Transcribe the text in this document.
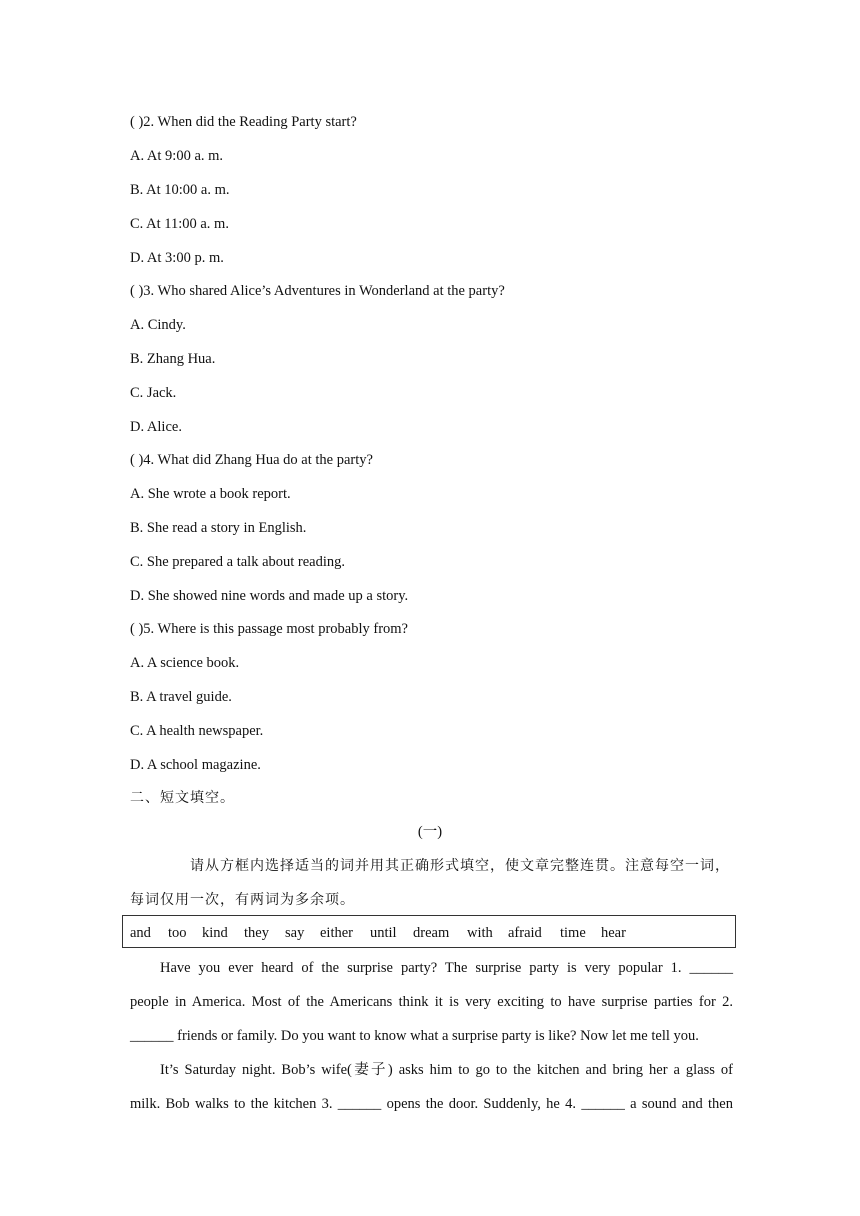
( )2. When did the Reading Party start?
A. At 9:00 a. m.
B. At 10:00 a. m.
C. At 11:00 a. m.
D. At 3:00 p. m.
( )3. Who shared Alice’s Adventures in Wonderland at the party?
A. Cindy.
B. Zhang Hua.
C. Jack.
D. Alice.
( )4. What did Zhang Hua do at the party?
A. She wrote a book report.
B. She read a story in English.
C. She prepared a talk about reading.
D. She showed nine words and made up a story.
( )5. Where is this passage most probably from?
A. A science book.
B. A travel guide.
C. A health newspaper.
D. A school magazine.
二、短文填空。
(一)
请从方框内选择适当的词并用其正确形式填空，使文章完整连贯。注意每空一词，
每词仅用一次，有两词为多余项。
and too kind they say either until dream with afraid time hear
Have you ever heard of the surprise party? The surprise party is very popular 1. ______
people in America. Most of the Americans think it is very exciting to have surprise parties for 2.
______ friends or family. Do you want to know what a surprise party is like? Now let me tell you.
It’s Saturday night. Bob’s wife(妻子) asks him to go to the kitchen and bring her a glass of
milk. Bob walks to the kitchen 3. ______ opens the door. Suddenly, he 4. ______ a sound and then
